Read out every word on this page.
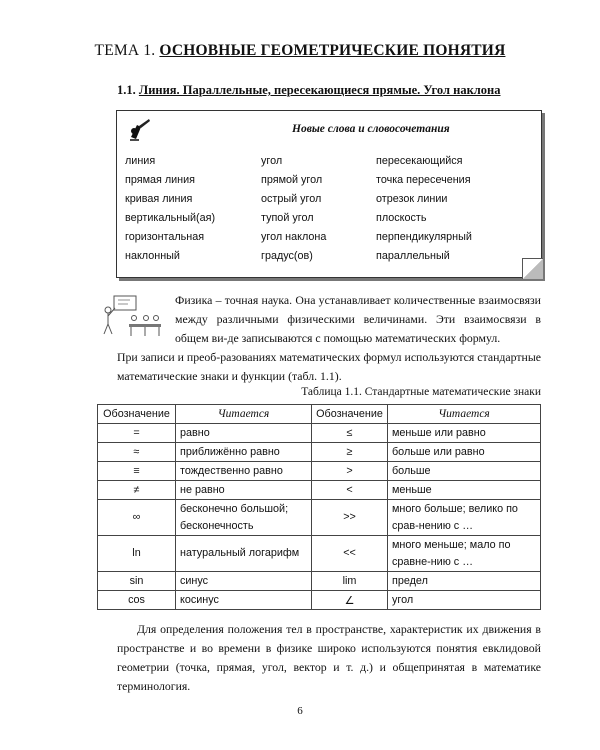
ТЕМА 1. ОСНОВНЫЕ ГЕОМЕТРИЧЕСКИЕ ПОНЯТИЯ
1.1. Линия. Параллельные, пересекающиеся прямые. Угол наклона
Новые слова и словосочетания
линия
прямая линия
кривая линия
вертикальный(ая)
горизонтальная
наклонный
угол
прямой угол
острый угол
тупой угол
угол наклона
градус(ов)
пересекающийся
точка пересечения
отрезок линии
плоскость
перпендикулярный
параллельный
Физика – точная наука. Она устанавливает количественные взаимосвязи между различными физическими величинами. Эти взаимосвязи в общем ви-де записываются с помощью математических формул.
При записи и преоб-разованиях математических формул используются стандартные математические знаки и функции (табл. 1.1).
Таблица 1.1. Стандартные математические знаки
Обозначение	Читается	Обозначение	Читается
=	равно	≤	меньше или равно
≈	приближённо равно	≥	больше или равно
≡	тождественно равно	>	больше
≠	не равно	<	меньше
∞	бесконечно большой; бесконечность	>>	много больше; велико по срав-нению с …
ln	натуральный логарифм	<<	много меньше; мало по сравне-нию с …
sin	синус	lim	предел
cos	косинус	∠	угол
Для определения положения тел в пространстве, характеристик их движения в пространстве и во времени в физике широко используются понятия евклидовой геометрии (точка, прямая, угол, вектор и т. д.) и общепринятая в математике терминология.
6
